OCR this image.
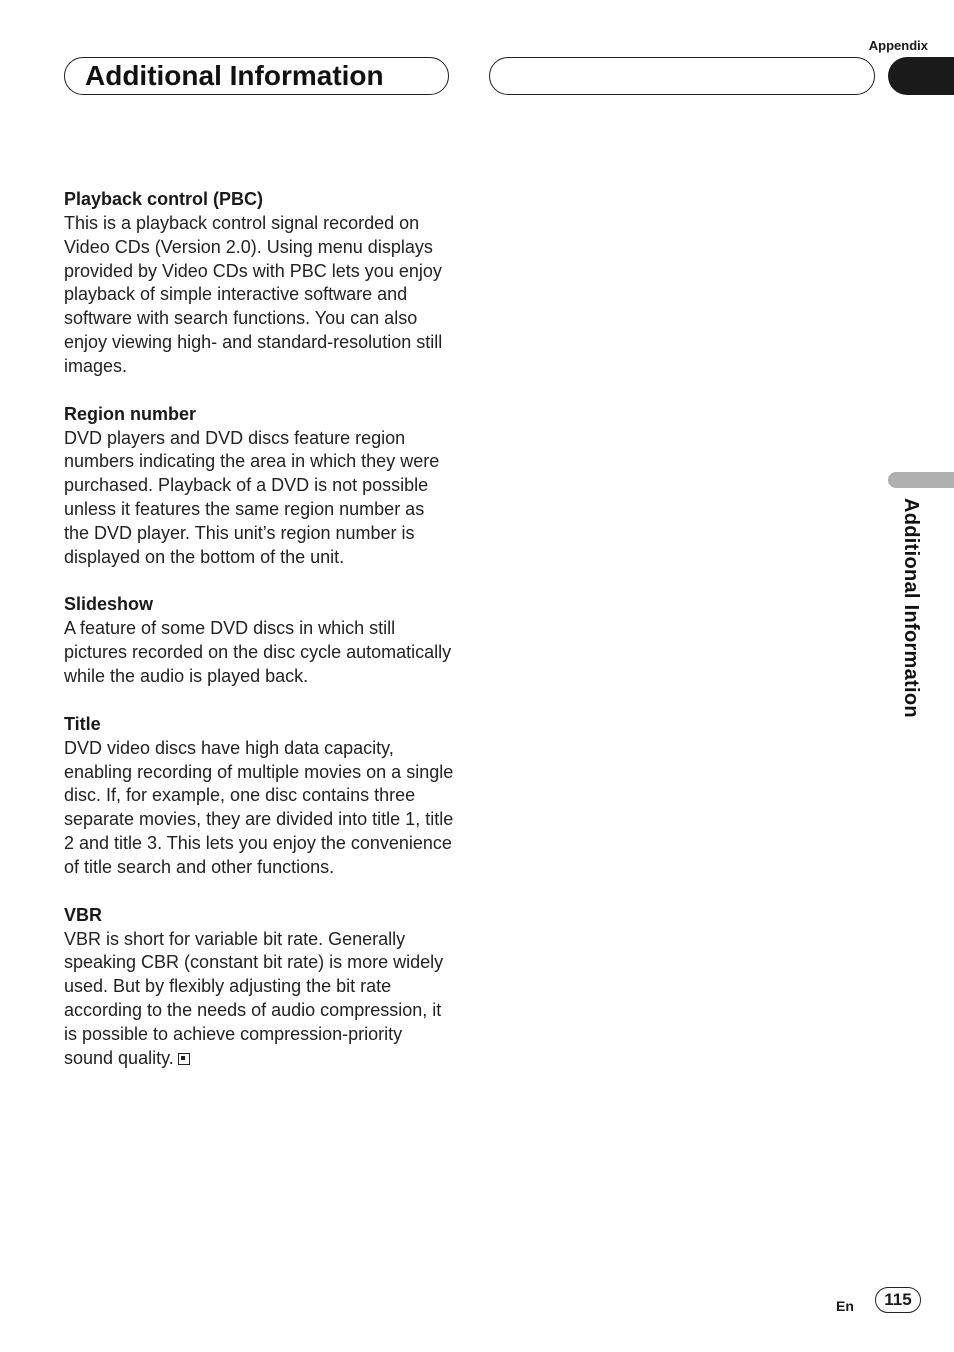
Appendix
Additional Information

Playback control (PBC)

This is a playback control signal recorded on Video CDs (Version 2.0). Using menu displays provided by Video CDs with PBC lets you enjoy playback of simple interactive software and software with search functions. You can also enjoy viewing high- and standard-resolution still images.

Region number

DVD players and DVD discs feature region numbers indicating the area in which they were purchased. Playback of a DVD is not possible unless it features the same region number as the DVD player. This unit’s region number is displayed on the bottom of the unit.

Slideshow

A feature of some DVD discs in which still pictures recorded on the disc cycle automatically while the audio is played back.

Title

DVD video discs have high data capacity, enabling recording of multiple movies on a single disc. If, for example, one disc contains three separate movies, they are divided into title 1, title 2 and title 3. This lets you enjoy the convenience of title search and other functions.

VBR

VBR is short for variable bit rate. Generally speaking CBR (constant bit rate) is more widely used. But by flexibly adjusting the bit rate according to the needs of audio compression, it is possible to achieve compression-priority sound quality.

Additional Information
En	115
